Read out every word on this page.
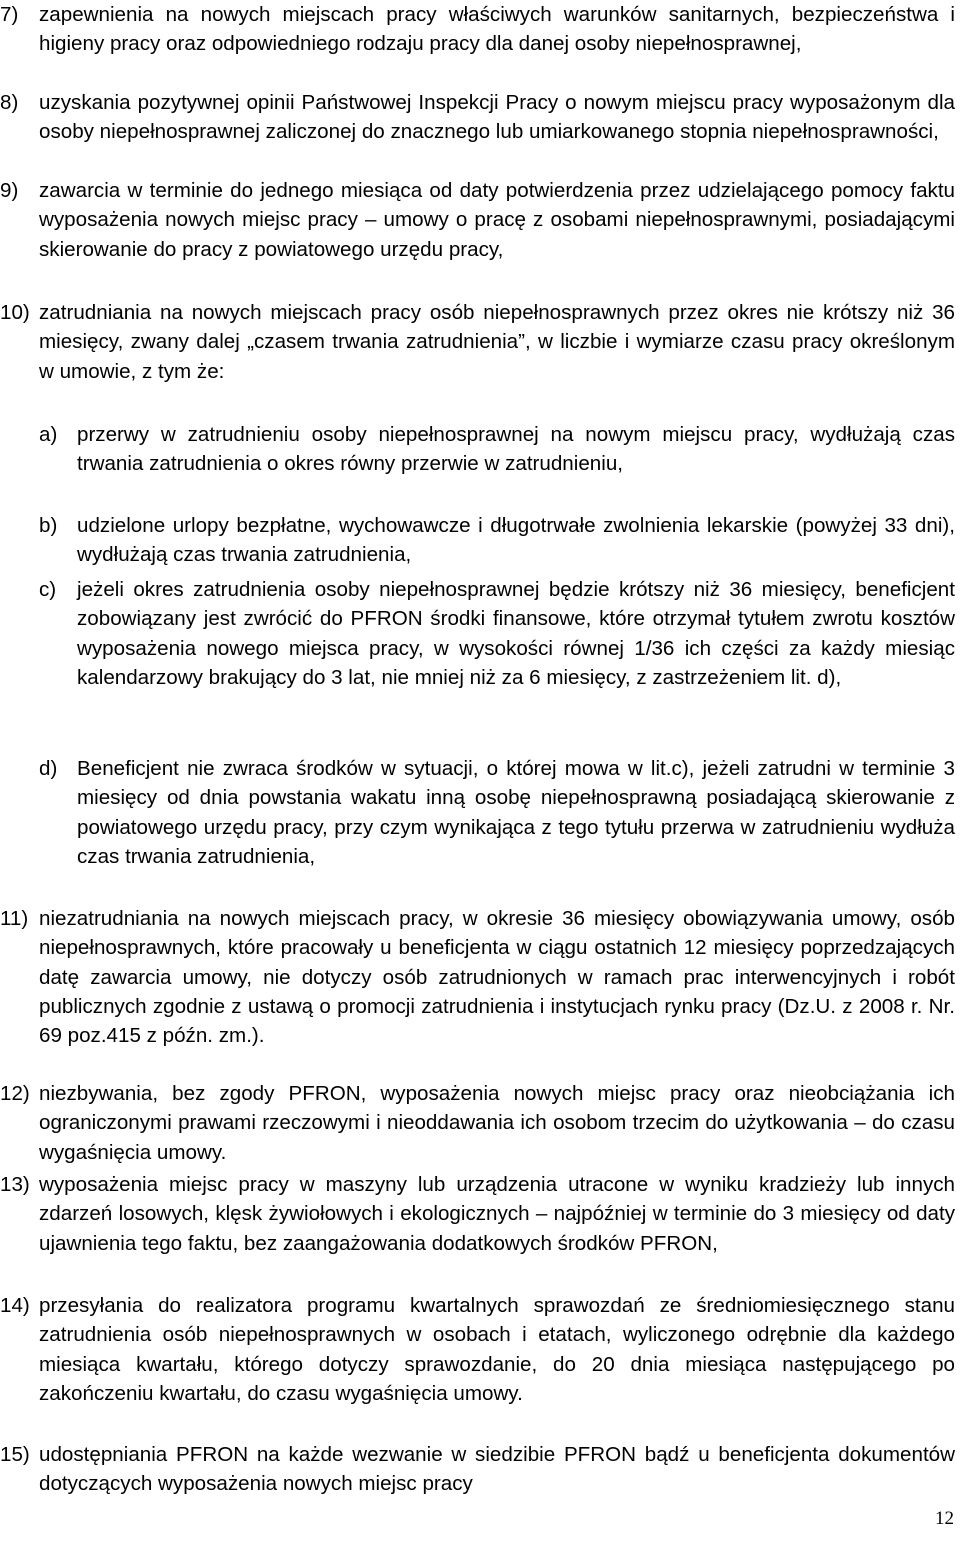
7)	zapewnienia na nowych miejscach pracy właściwych warunków sanitarnych, bezpieczeństwa i higieny pracy oraz odpowiedniego rodzaju pracy dla danej osoby niepełnosprawnej,

8)	uzyskania pozytywnej opinii Państwowej Inspekcji Pracy o nowym miejscu pracy wyposażonym dla osoby niepełnosprawnej zaliczonej do znacznego lub umiarkowanego stopnia niepełnosprawności,

9)	zawarcia w terminie do jednego miesiąca od daty potwierdzenia przez udzielającego pomocy faktu wyposażenia nowych miejsc pracy – umowy o pracę z osobami niepełnosprawnymi, posiadającymi skierowanie do pracy z powiatowego urzędu pracy,

10) zatrudniania na nowych miejscach pracy osób niepełnosprawnych przez okres nie krótszy niż 36 miesięcy, zwany dalej „czasem trwania zatrudnienia”, w liczbie i wymiarze czasu pracy określonym w umowie, z tym że:

a) przerwy w zatrudnieniu osoby niepełnosprawnej na nowym miejscu pracy, wydłużają czas trwania zatrudnienia o okres równy przerwie w zatrudnieniu,

b) udzielone urlopy bezpłatne, wychowawcze i długotrwałe zwolnienia lekarskie (powyżej 33 dni), wydłużają czas trwania zatrudnienia,

c)	jeżeli okres zatrudnienia osoby niepełnosprawnej będzie krótszy niż 36 miesięcy, beneficjent zobowiązany jest zwrócić do PFRON środki finansowe, które otrzymał tytułem zwrotu kosztów wyposażenia nowego miejsca pracy, w wysokości równej 1/36 ich części za każdy miesiąc kalendarzowy brakujący do 3 lat, nie mniej niż za 6 miesięcy, z zastrzeżeniem lit. d),

d) Beneficjent nie zwraca środków w sytuacji, o której mowa w lit.c), jeżeli zatrudni w terminie 3 miesięcy od dnia powstania wakatu inną osobę niepełnosprawną posiadającą skierowanie z powiatowego urzędu pracy, przy czym wynikająca z tego tytułu przerwa w zatrudnieniu wydłuża czas trwania zatrudnienia,

11) niezatrudniania na nowych miejscach pracy, w okresie 36 miesięcy obowiązywania umowy, osób niepełnosprawnych, które pracowały u beneficjenta w ciągu ostatnich 12 miesięcy poprzedzających datę zawarcia umowy, nie dotyczy osób zatrudnionych w ramach prac interwencyjnych i robót publicznych zgodnie z ustawą o promocji zatrudnienia i instytucjach rynku pracy (Dz.U. z 2008 r. Nr. 69 poz.415 z późn. zm.).

12) niezbywania, bez zgody PFRON, wyposażenia nowych miejsc pracy oraz nieobciążania ich ograniczonymi prawami rzeczowymi i nieoddawania ich osobom trzecim do użytkowania – do czasu wygaśnięcia umowy.

13) wyposażenia miejsc pracy w maszyny lub urządzenia utracone w wyniku kradzieży lub innych zdarzeń losowych, klęsk żywiołowych i ekologicznych – najpóźniej w terminie do 3 miesięcy od daty ujawnienia tego faktu, bez zaangażowania dodatkowych środków PFRON,

14) przesyłania do realizatora programu kwartalnych sprawozdań ze średniomiesięcznego stanu zatrudnienia osób niepełnosprawnych w osobach i etatach, wyliczonego odrębnie dla każdego miesiąca kwartału, którego dotyczy sprawozdanie, do 20 dnia miesiąca następującego po zakończeniu kwartału, do czasu wygaśnięcia umowy.

15) udostępniania PFRON na każde wezwanie w siedzibie PFRON bądź u beneficjenta dokumentów dotyczących wyposażenia nowych miejsc pracy

12
